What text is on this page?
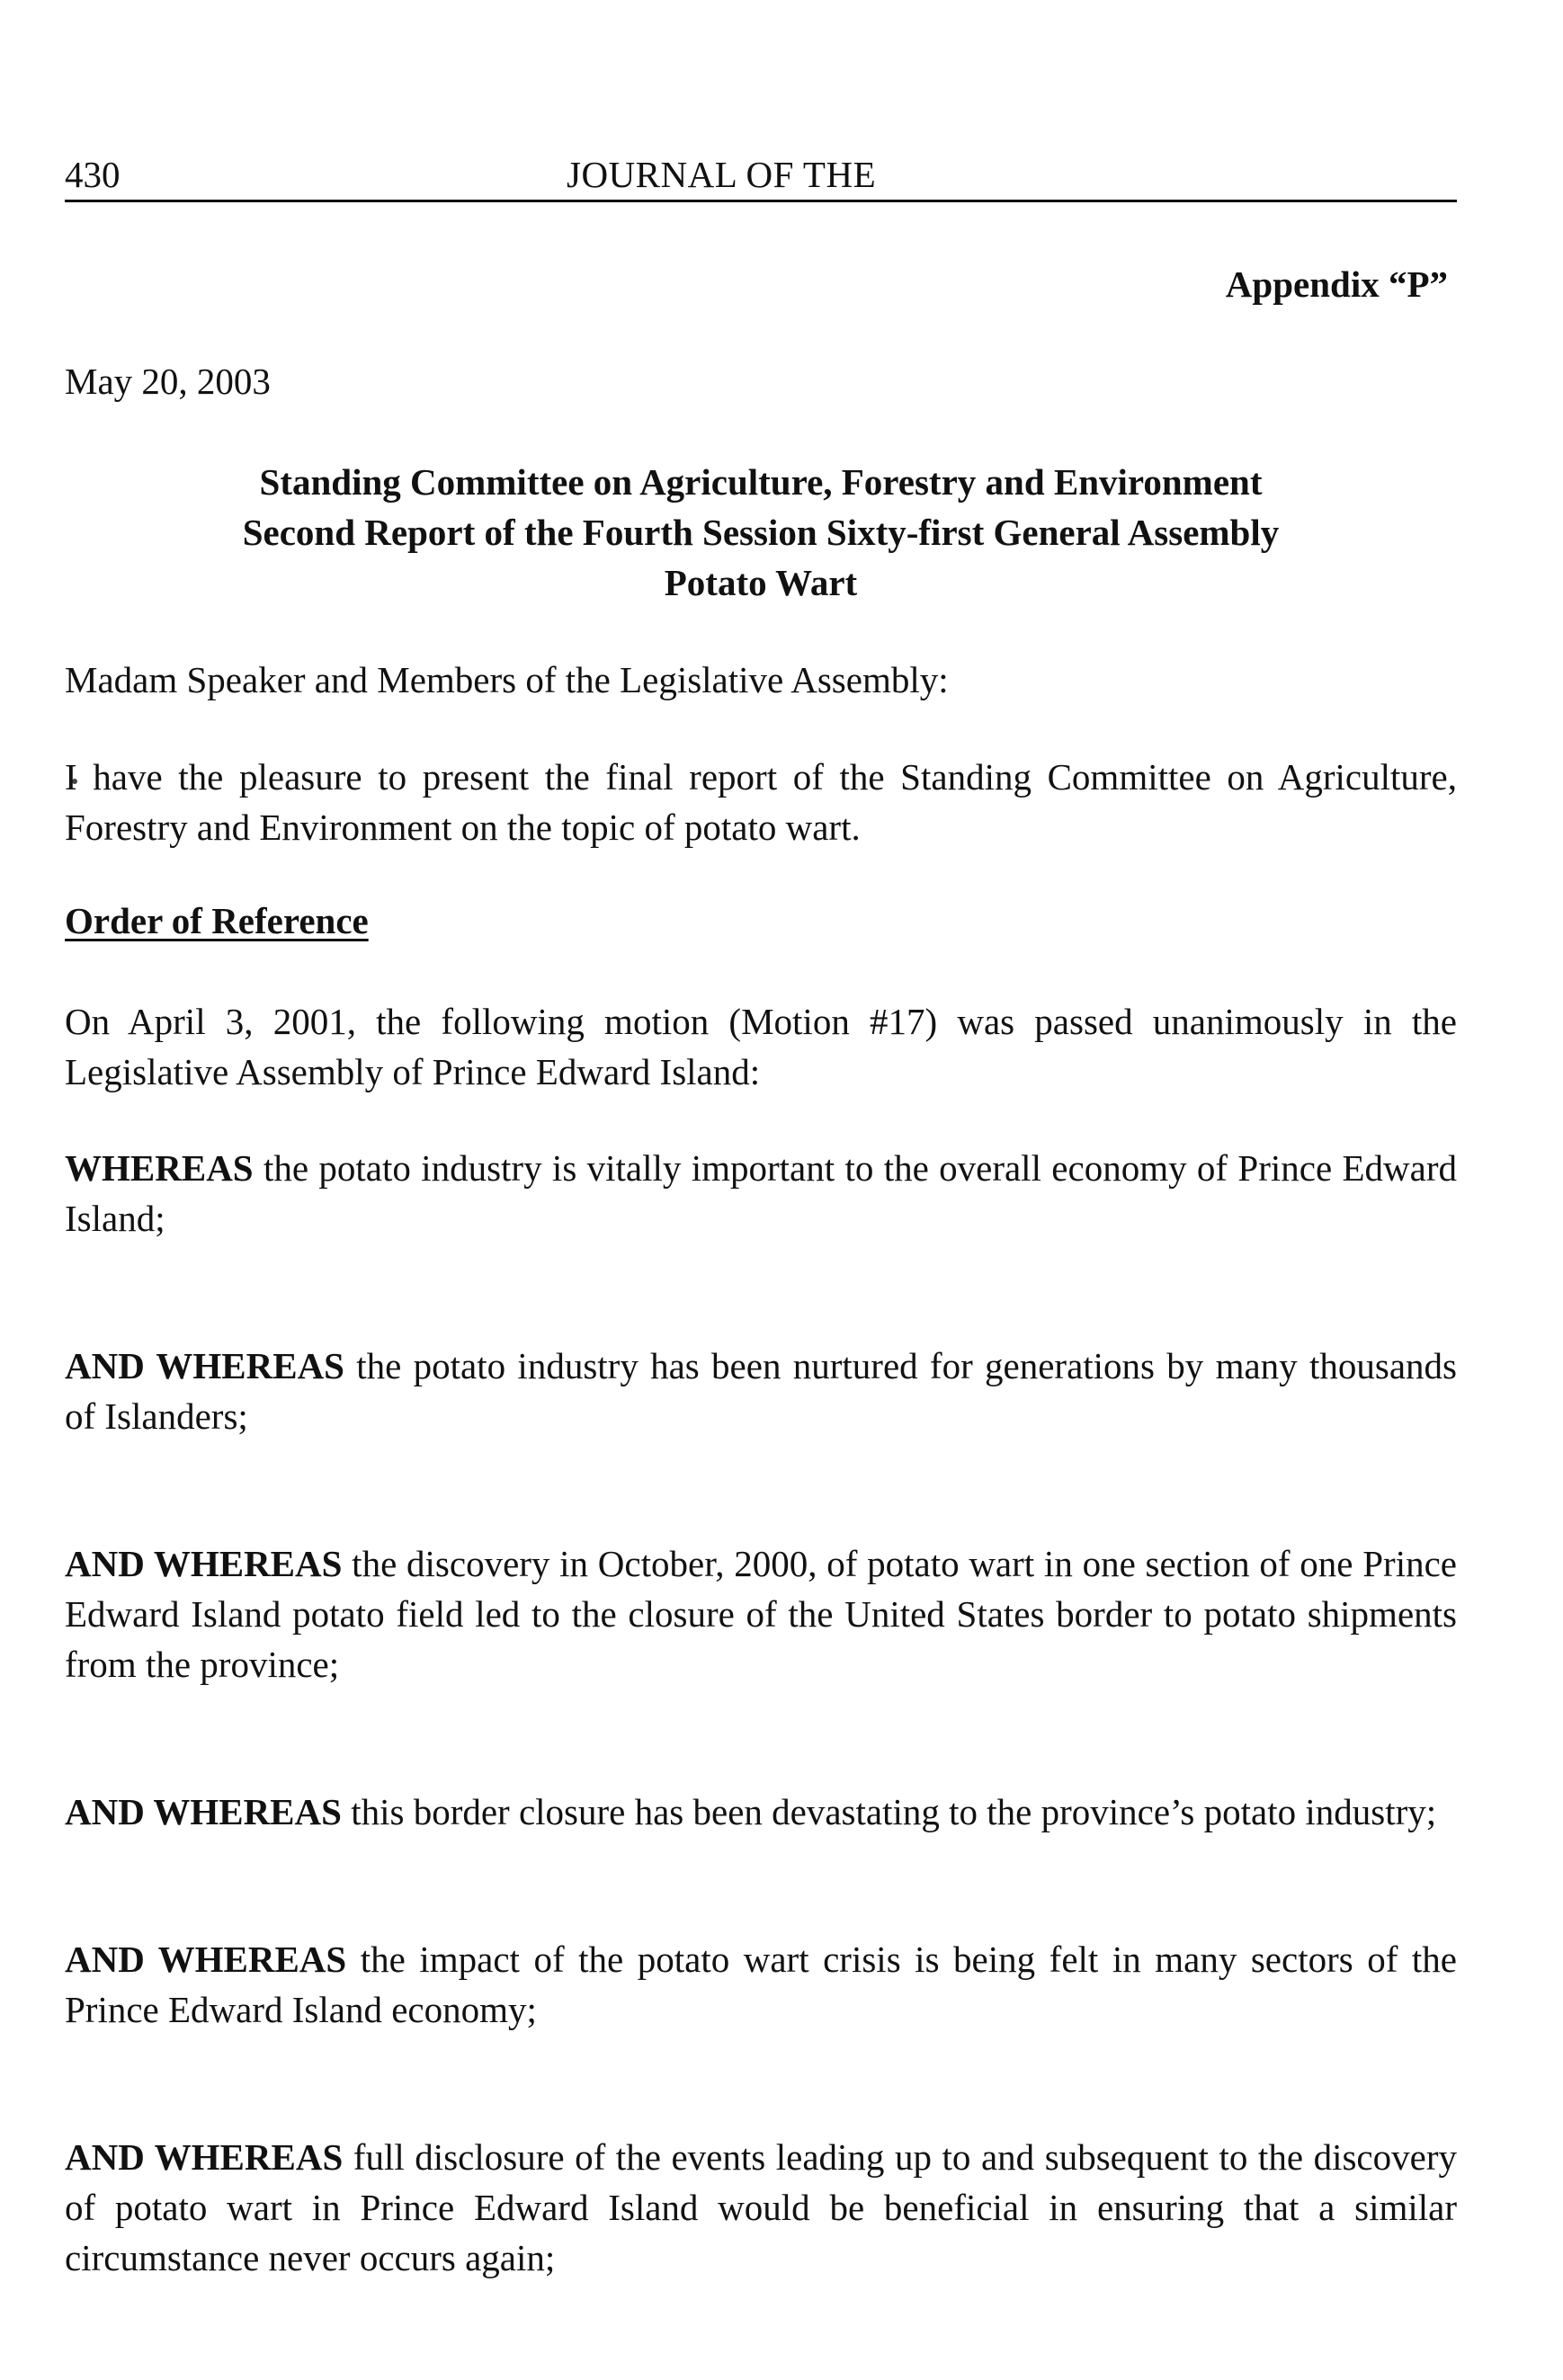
430	JOURNAL OF THE
Appendix “P”
May 20, 2003
Standing Committee on Agriculture, Forestry and Environment
Second Report of the Fourth Session Sixty-first General Assembly
Potato Wart
Madam Speaker and Members of the Legislative Assembly:
I have the pleasure to present the final report of the Standing Committee on Agriculture, Forestry and Environment on the topic of potato wart.
Order of Reference
On April 3, 2001, the following motion (Motion #17) was passed unanimously in the Legislative Assembly of Prince Edward Island:

WHEREAS the potato industry is vitally important to the overall economy of Prince Edward Island;

AND WHEREAS the potato industry has been nurtured for generations by many thousands of Islanders;

AND WHEREAS the discovery in October, 2000, of potato wart in one section of one Prince Edward Island potato field led to the closure of the United States border to potato shipments from the province;

AND WHEREAS this border closure has been devastating to the province’s potato industry;

AND WHEREAS the impact of the potato wart crisis is being felt in many sectors of the Prince Edward Island economy;

AND WHEREAS full disclosure of the events leading up to and subsequent to the discovery of potato wart in Prince Edward Island would be beneficial in ensuring that a similar circumstance never occurs again;
